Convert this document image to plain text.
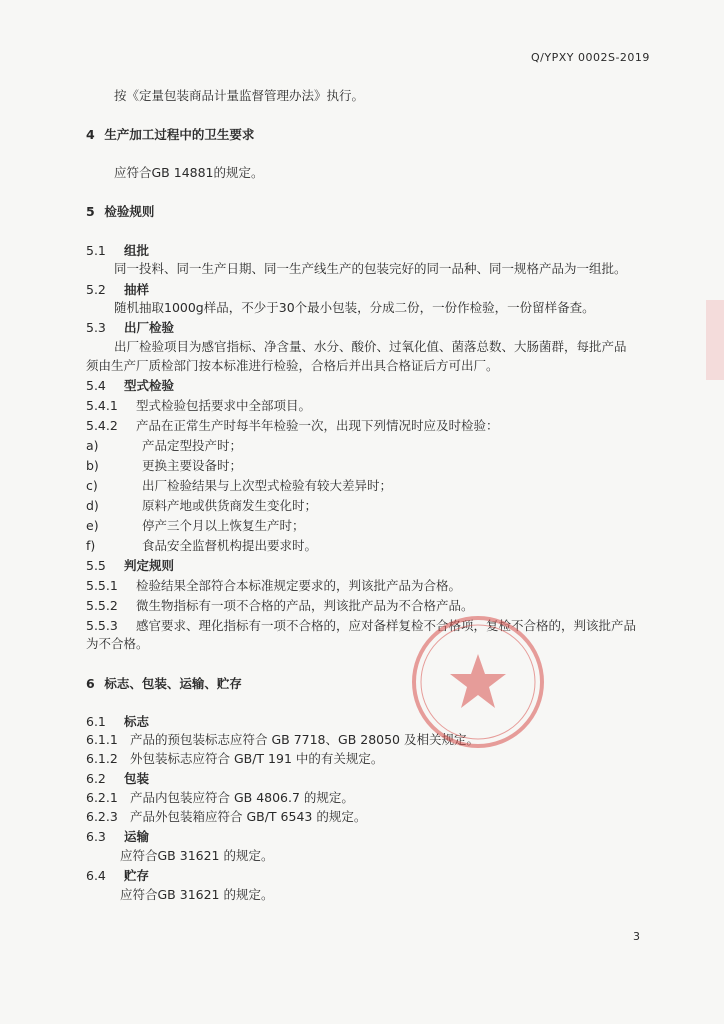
Q/YPXY 0002S-2019
按《定量包装商品计量监督管理办法》执行。
4 生产加工过程中的卫生要求
应符合GB 14881的规定。
5 检验规则
5.1 组批
同一投料、同一生产日期、同一生产线生产的包装完好的同一品种、同一规格产品为一组批。
5.2 抽样
随机抽取1000g样品，不少于30个最小包装，分成二份，一份作检验，一份留样备查。
5.3 出厂检验
出厂检验项目为感官指标、净含量、水分、酸价、过氧化值、菌落总数、大肠菌群，每批产品
须由生产厂质检部门按本标准进行检验，合格后并出具合格证后方可出厂。
5.4 型式检验
5.4.1 型式检验包括要求中全部项目。
5.4.2 产品在正常生产时每半年检验一次，出现下列情况时应及时检验：
a)	产品定型投产时；
b)	更换主要设备时；
c)	出厂检验结果与上次型式检验有较大差异时；
d)	原料产地或供货商发生变化时；
e)	停产三个月以上恢复生产时；
f)	食品安全监督机构提出要求时。
5.5 判定规则
5.5.1 检验结果全部符合本标准规定要求的，判该批产品为合格。
5.5.2 微生物指标有一项不合格的产品，判该批产品为不合格产品。
5.5.3 感官要求、理化指标有一项不合格的，应对备样复检不合格项，复检不合格的，判该批产品
为不合格。
6 标志、包装、运输、贮存
6.1 标志
6.1.1 产品的预包装标志应符合 GB 7718、GB 28050 及相关规定。
6.1.2 外包装标志应符合 GB/T 191 中的有关规定。
6.2 包装
6.2.1 产品内包装应符合 GB 4806.7 的规定。
6.2.3 产品外包装箱应符合 GB/T 6543 的规定。
6.3 运输
应符合GB 31621 的规定。
6.4 贮存
应符合GB 31621 的规定。
3
